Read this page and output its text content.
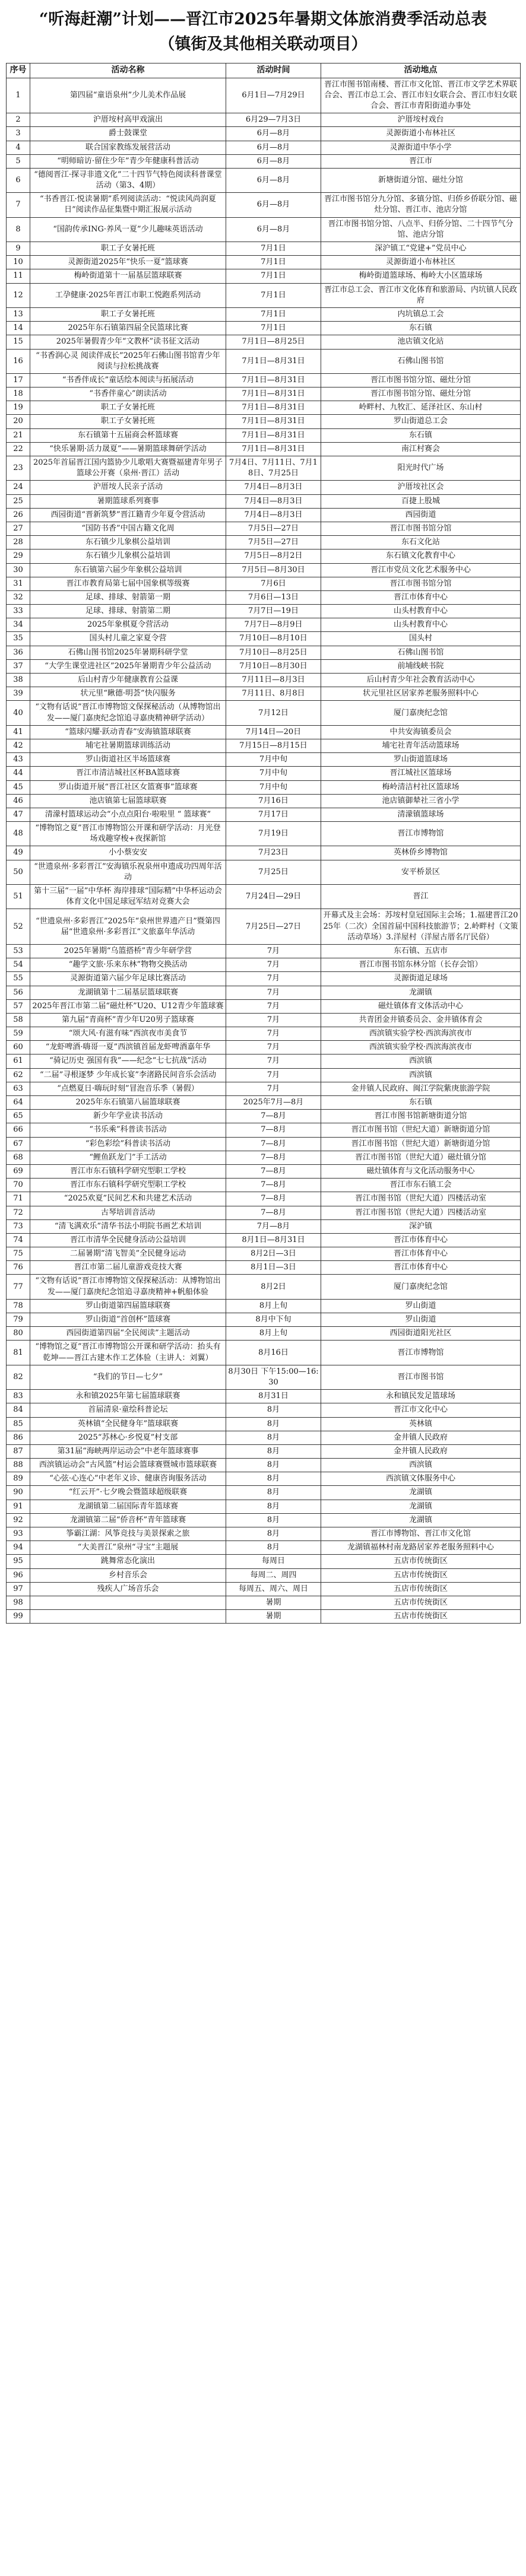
“听海赶潮”计划——晋江市2025年暑期文体旅消费季活动总表
（镇街及其他相关联动项目）
序号	活动名称	活动时间	活动地点
1	第四届“童语泉州”少儿美术作品展	6月1日—7月29日	晋江市图书馆南楼、晋江市文化馆、晋江市文学艺术界联合会、晋江市总工会、晋江市妇女联合会、晋江市妇女联合会、晋江市青阳街道办事处
2	沪厝垵村高甲戏演出	6月29—7月3日	沪厝垵村戏台
3	爵士鼓课堂	6月—8月	灵源街道小布林社区
4	联合国家教练发展营活动	6月—8月	灵源街道中华小学
5	“明师暗访·留住少年”青少年健康科普活动	6月—8月	晋江市
6	“德阅晋江·探寻非遗文化”二十四节气特色阅读科普课堂活动（第3、4期）	6月—8月	新塘街道分馆、磁灶分馆
7	“书香晋江·悦读暑期”系列阅读活动：“悦读风尚润夏日”阅读作品征集暨中期汇报展示活动	6月—8月	晋江市图书馆分九分馆、多镇分馆、归侨乡侨联分馆、磁灶分馆、晋江市、池店分馆
8	“国韵传承ING·养风一夏”少儿趣味英语活动	6月—8月	晋江市图书馆分馆、八点半、归侨分馆、二十四节气分馆、池店分馆
9	职工子女暑托班	7月1日	深沪镇工“党建+”党员中心
10	灵源街道2025年“快乐一夏”篮球赛	7月1日	灵源街道小布林社区
11	梅岭街道第十一届基层篮球联赛	7月1日	梅岭街道篮球场、梅岭大小区篮球场
12	工孕健康·2025年晋江市职工悦跑系列活动	7月1日	晋江市总工会、晋江市文化体育和旅游局、内坑镇人民政府
13	职工子女暑托班	7月1日	内坑镇总工会
14	2025年东石镇第四届全民篮球比赛	7月1日	东石镇
15	2025年暑假青少年“文教杯”读书征文活动	7月1日—8月25日	池店镇文化站
16	“书香润心灵 阅读伴成长”2025年石佛山图书馆青少年阅读与拉松挑战赛	7月1日—8月31日	石佛山图书馆
17	“书香伴成长”童话绘本阅读与拓展活动	7月1日—8月31日	晋江市图书馆分馆、磁灶分馆
18	“书香伴童心”朗读活动	7月1日—8月31日	晋江市图书馆分馆、磁灶分馆
19	职工子女暑托班	7月1日—8月31日	岭畔村、九牧汇、延泽社区、东山村
20	职工子女暑托班	7月1日—8月31日	罗山街道总工会
21	东石镇第十五届商会杯篮球赛	7月1日—8月31日	东石镇
22	“快乐暑期·活力晟夏”——暑期篮球舞研学活动	7月1日—8月31日	南江村赛会
23	2025年首届晋江国内篮协少儿歌唱大赛暨福建青年男子篮球公开赛（泉州·晋江）活动	7月4日、7月11日、7月18日、7月25日	阳光时代广场
24	沪厝垵人民亲子活动	7月4日—8月3日	沪厝垵社区会
25	暑期篮球系列赛事	7月4日—8月3日	百捷上股城
26	西园街道“晋新筑梦”晋江籍青少年夏令营活动	7月4日—8月3日	西园街道
27	“国防书香”中国古籍文化周	7月5日—27日	晋江市图书馆分馆
28	东石镇少儿象棋公益培训	7月5日—27日	东石文化站
29	东石镇少儿象棋公益培训	7月5日—8月2日	东石镇文化教育中心
30	东石镇第六届少年象棋公益培训	7月5日—8月30日	晋江市党员文化艺术服务中心
31	晋江市教育局第七届中国象棋等级赛	7月6日	晋江市图书馆分馆
32	足球、排球、射箭第一期	7月6日—13日	晋江市体育中心
33	足球、排球、射箭第二期	7月7日—19日	山头村教育中心
34	2025年象棋夏令营活动	7月7日—8月9日	山头村教育中心
35	国头村儿童之家夏令营	7月10日—8月10日	国头村
36	石佛山图书馆2025年暑期科研学堂	7月10日—8月25日	石佛山图书馆
37	“大学生课堂进社区”2025年暑期青少年公益活动	7月10日—8月30日	前埔线峡书院
38	后山村青少年健康教育公益课	7月11日—8月3日	后山村青少年社会教育活动中心
39	状元里“瞅德·明荟”快闪服务	7月11日、8月8日	状元里社区居家养老服务照料中心
40	“文物有话说”晋江市博物馆文保探秘活动（从博物馆出发——厦门嘉庚纪念馆追寻嘉庚精神研学活动）	7月12日	厦门嘉庚纪念馆
41	“篮球闪耀·跃动青春”安海镇篮球联赛	7月14日—20日	中共安海镇委员会
42	埔宅社暑期篮球训练活动	7月15日—8月15日	埔宅社青年活动篮球场
43	罗山街道社区半场篮球赛	7月中旬	罗山街道篮球场
44	晋江市清洁城社区杯BA篮球赛	7月中旬	晋江城社区篮球场
45	罗山街道开展“晋江社区女篮赛事”篮球赛	7月中旬	梅岭清洁村社区篮球场
46	池店镇第七届篮球联赛	7月16日	池店镇御辇社三省小学
47	清濛村篮球运动会“小点点阳台·啦啦里 “ 篮球赛”	7月17日	清濛镇篮球场
48	“博物馆之夏”晋江市博物馆公开课和研学活动：月光登场戏趣穿梭+夜探新馆	7月19日	晋江市博物馆
49	小小蔡安安	7月23日	英林侨乡博物馆
50	“世遗泉州·多彩晋江”安海镇乐祝泉州申遗成功四周年活动	7月25日	安平桥景区
51	第十三届“一届”中华杯 海岸排球“国际精”中华杯运动会体育文化中国足球冠军结对竞赛大会	7月24日—29日	晋江
52	“世遗泉州·多彩晋江”2025年“泉州世界遗产日”暨第四届“世遗泉州·多彩晋江”文旅嘉年华活动	7月25日—27日	开幕式及主会场：苏垵村皇冠国际主会场；1.福建晋江2025年（二次）全国首届中国科技旅游节；2.岭畔村（文策活动草场）3.洋屋村（洋屋古厝名厅民俗）
53	2025年暑期“乌篮搭桥”青少年研学营	7月	东石镇、五店市
54	“趣学文旅·乐来东林”物物交换活动	7月	晋江市图书馆东林分馆（长存会馆）
55	灵源街道第六届少年足球比赛活动	7月	灵源街道足球场
56	龙湖镇第十二届基层篮球联赛	7月	龙湖镇
57	2025年晋江市第二届“磁灶杯”U20、U12青少年篮球赛	7月	磁灶镇体育文体活动中心
58	第九届“青商杯”青少年U20男子篮球赛	7月	共青团金井镇委员会、金井镇体育会
59	“颂大风·有滋有味”西滨夜市美食节	7月	西滨镇实验学校·西滨海滨夜市
60	“龙虾啤酒·嗨哥一夏”西滨镇首届龙虾啤酒嘉年华	7月	西滨镇实验学校·西滨海滨夜市
61	“骑记历史 强国有我”——纪念“七七抗战”活动	7月	西滨镇
62	“二届”寻根逐梦 少年成长宴”李渚路民间音乐会活动	7月	西滨镇
63	“点燃夏日·嗨玩时刻”冒泡音乐季（暑假）	7月	金井镇人民政府、闽江学院紫庚旅游学院
64	2025年东石镇第八届篮球联赛	2025年7月—8月	东石镇
65	新少年学业读书活动	7—8月	晋江市图书馆新塘街道分馆
66	“书乐乘”科普读书活动	7—8月	晋江市图书馆（世纪大道）新塘街道分馆
67	“彩色彩绘”科普读书活动	7—8月	晋江市图书馆（世纪大道）新塘街道分馆
68	“鲤鱼跃龙门”手工活动	7—8月	晋江市图书馆（世纪大道）磁灶镇分馆
69	晋江市东石镇科学研究型职工学校	7—8月	磁灶镇体育与文化活动服务中心
70	晋江市东石镇科学研究型职工学校	7—8月	晋江市东石镇工会
71	“2025欢夏”民间艺术和共建艺术活动	7—8月	晋江市图书馆（世纪大道）四楼活动室
72	古琴培训音活动	7—8月	晋江市图书馆（世纪大道）四楼活动室
73	“清飞满欢乐”清华书法小明院书画艺术培训	7月—8月	深沪镇
74	晋江市清华全民健身活动公益培训	8月1日—8月31日	晋江市体育中心
75	二届暑期“清飞智美”全民健身运动	8月2日—3日	晋江市体育中心
76	晋江市第二届儿童游戏竞技大赛	8月1日—3日	晋江市体育中心
77	“文物有话说”晋江市博物馆文保探秘活动：从博物馆出发——厦门嘉庚纪念馆追寻嘉庚精神+帆船体验	8月2日	厦门嘉庚纪念馆
78	罗山街道第四届篮球联赛	8月上旬	罗山街道
79	罗山街道“首创杯”篮球赛	8月中下旬	罗山街道
80	西园街道第四届“全民阅读”主题活动	8月上旬	西园街道阳光社区
81	“博物馆之夏”晋江市博物馆公开课和研学活动：抬头有乾坤——晋江古建木作工艺体验（主讲人：刘翼）	8月16日	晋江市博物馆
82	“我们的节日—七夕”	8月30日 下午15:00—16:30	晋江市图书馆
83	永和镇2025年第七届篮球联赛	8月31日	永和镇民发足篮球场
84	首届清泉·童绘科普论坛	8月	晋江市文化中心
85	英林镇“全民健身年”篮球联赛	8月	英林镇
86	2025“苏林心·乡悦夏”村支部	8月	金井镇人民政府
87	第31届“海峡两岸运动会”中老年篮球赛事	8月	金井镇人民政府
88	西滨镇运动会“古风篮”村运会篮球赛暨城市篮球联赛	8月	西滨镇
89	“心弦·心连心”中老年义诊、健康咨询服务活动	8月	西滨镇文体服务中心
90	“红云开”·七夕晚会暨篮球超级联赛	8月	龙湖镇
91	龙湖镇第二届国际青年篮球赛	8月	龙湖镇
92	龙湖镇第二届“侨音杯”青年篮球赛	8月	龙湖镇
93	筝霸江湖：风筝竞技与美景探索之旅	8月	晋江市博物馆、晋江市文化馆
94	“大美晋江”泉州“寻宝”主题展	8月	龙湖镇福林村南龙路居家养老服务照料中心
95	跳舞常态化演出	每周日	五店市传统街区
96	乡村音乐会	每周二、周四	五店市传统街区
97	残疾人广场音乐会	每周五、周六、周日	五店市传统街区
98		暑期	五店市传统街区
99		暑期	五店市传统街区
